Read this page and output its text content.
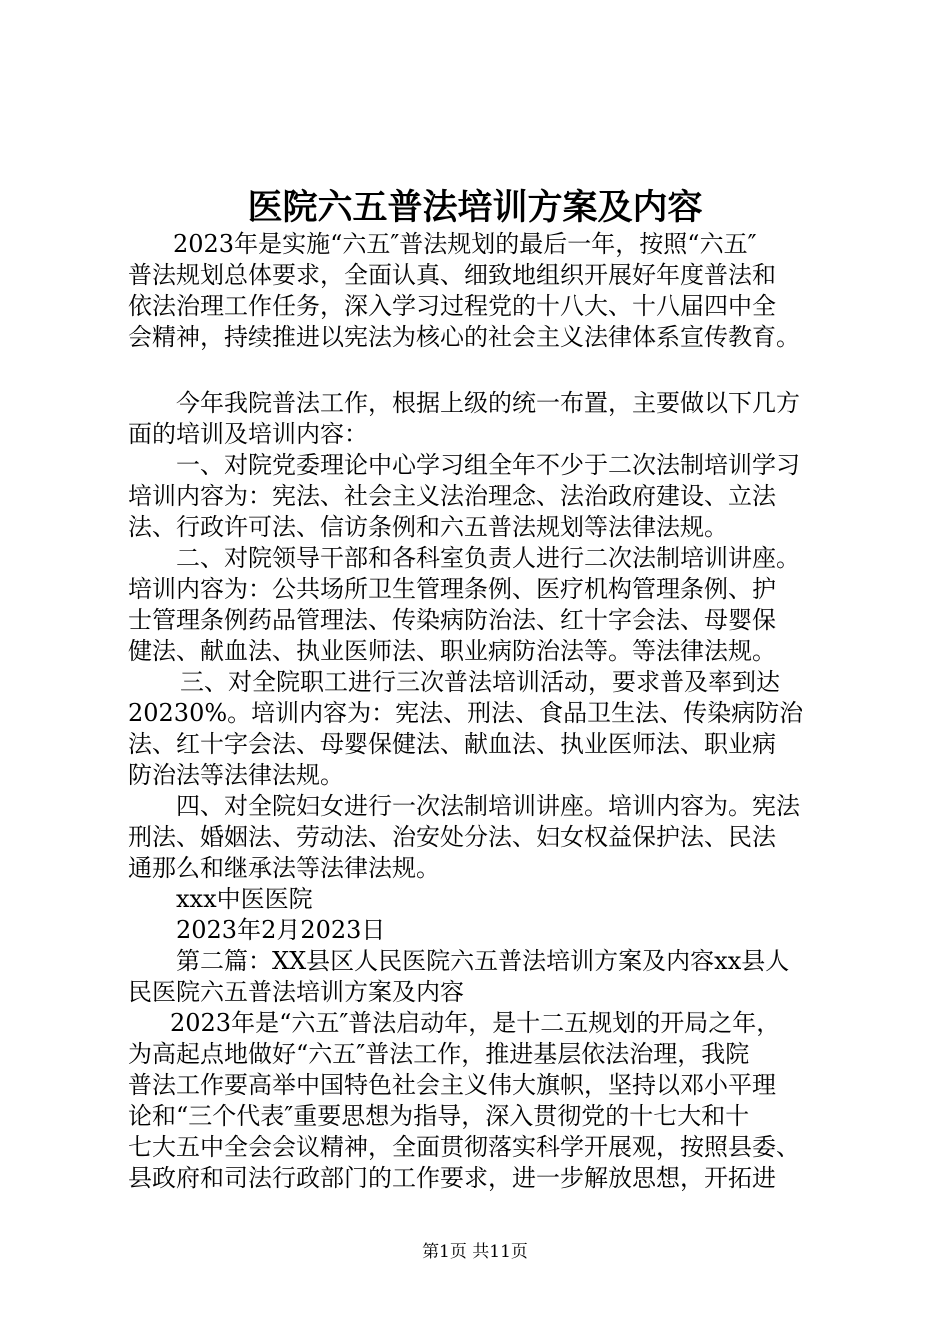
医院六五普法培训方案及内容
2023年是实施“六五″普法规划的最后一年，按照“六五″
普法规划总体要求，全面认真、细致地组织开展好年度普法和
依法治理工作任务，深入学习过程党的十八大、十八届四中全
会精神，持续推进以宪法为核心的社会主义法律体系宣传教育。
今年我院普法工作，根据上级的统一布置，主要做以下几方
面的培训及培训内容：
一、对院党委理论中心学习组全年不少于二次法制培训学习
培训内容为：宪法、社会主义法治理念、法治政府建设、立法
法、行政许可法、信访条例和六五普法规划等法律法规。
二、对院领导干部和各科室负责人进行二次法制培训讲座。
培训内容为：公共场所卫生管理条例、医疗机构管理条例、护
士管理条例药品管理法、传染病防治法、红十字会法、母婴保
健法、献血法、执业医师法、职业病防治法等。等法律法规。
三、对全院职工进行三次普法培训活动，要求普及率到达
20230%。培训内容为：宪法、刑法、食品卫生法、传染病防治
法、红十字会法、母婴保健法、献血法、执业医师法、职业病
防治法等法律法规。
四、对全院妇女进行一次法制培训讲座。培训内容为。宪法
刑法、婚姻法、劳动法、治安处分法、妇女权益保护法、民法
通那么和继承法等法律法规。
xxx中医医院
2023年2月2023日
第二篇：XX县区人民医院六五普法培训方案及内容xx县人
民医院六五普法培训方案及内容
2023年是“六五″普法启动年，是十二五规划的开局之年，
为高起点地做好“六五″普法工作，推进基层依法治理，我院
普法工作要高举中国特色社会主义伟大旗帜，坚持以邓小平理
论和“三个代表″重要思想为指导，深入贯彻党的十七大和十
七大五中全会会议精神，全面贯彻落实科学开展观，按照县委、
县政府和司法行政部门的工作要求，进一步解放思想，开拓进
第1页 共11页
